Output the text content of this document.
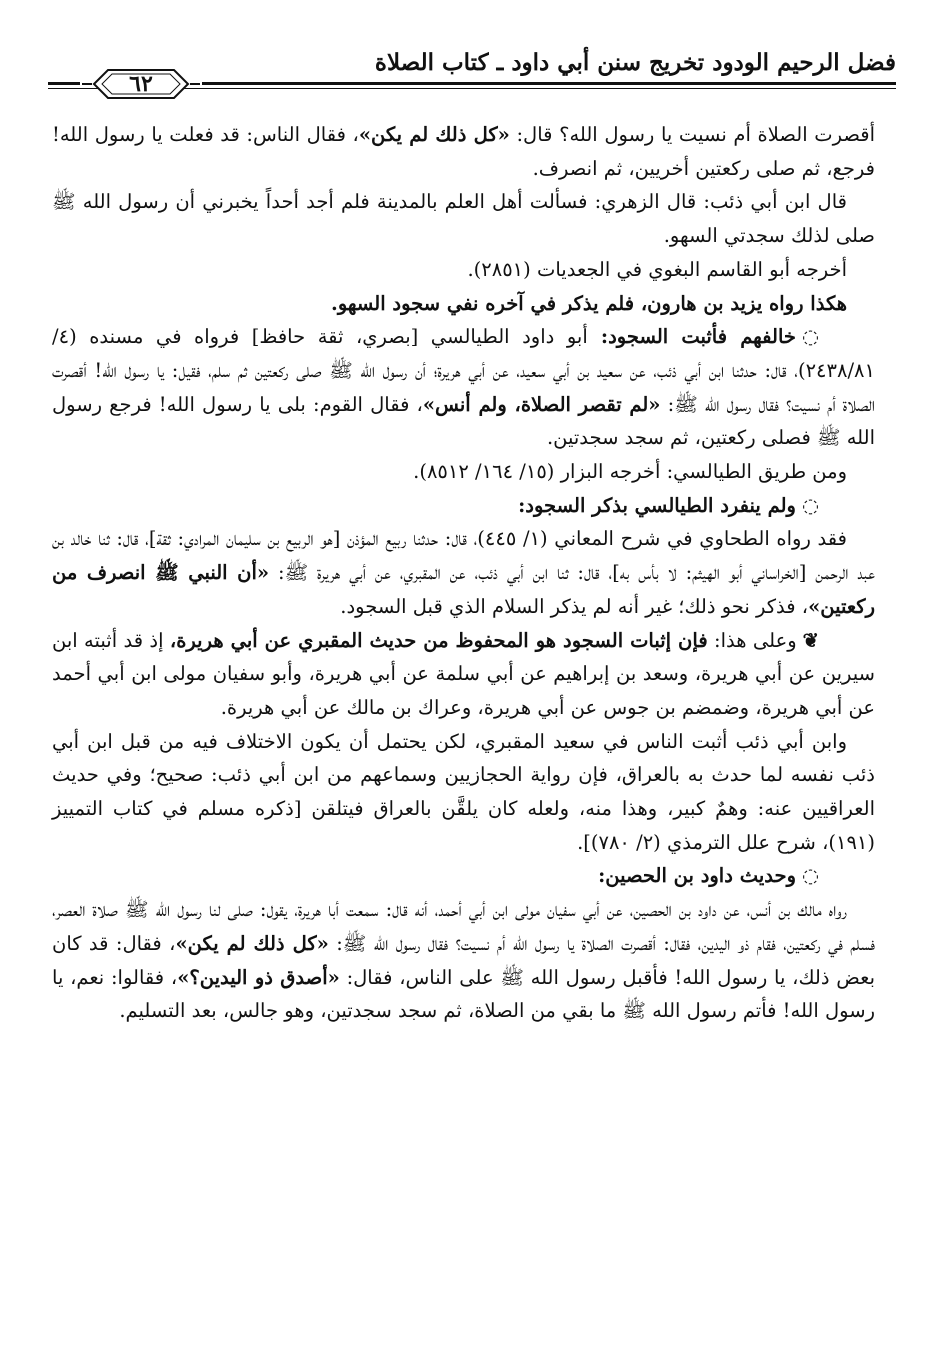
فضل الرحيم الودود تخريج سنن أبي داود ـ كتاب الصلاة
٦٢

أقصرت الصلاة أم نسيت يا رسول الله؟ قال: «كل ذلك لم يكن»، فقال الناس: قد فعلت يا رسول الله! فرجع، ثم صلى ركعتين أخريين، ثم انصرف.

قال ابن أبي ذئب: قال الزهري: فسألت أهل العلم بالمدينة فلم أجد أحداً يخبرني أن رسول الله ﷺ صلى لذلك سجدتي السهو.

أخرجه أبو القاسم البغوي في الجعديات (٢٨٥١).

هكذا رواه يزيد بن هارون، فلم يذكر في آخره نفي سجود السهو.

◌خالفهم فأثبت السجود: أبو داود الطيالسي [بصري، ثقة حافظ] فرواه في مسنده (٤/ ٢٤٣٨/٨١)، قال: حدثنا ابن أبي ذئب، عن سعيد بن أبي سعيد، عن أبي هريرة؛ أن رسول الله ﷺ صلى ركعتين ثم سلم، فقيل: يا رسول الله! أقصرت الصلاة أم نسيت؟ فقال رسول الله ﷺ: «لم تقصر الصلاة، ولم أنس»، فقال القوم: بلى يا رسول الله! فرجع رسول الله ﷺ فصلى ركعتين، ثم سجد سجدتين.

ومن طريق الطيالسي: أخرجه البزار (١٥/ ١٦٤/ ٨٥١٢).

◌ولم ينفرد الطيالسي بذكر السجود:

فقد رواه الطحاوي في شرح المعاني (١/ ٤٤٥)، قال: حدثنا ربيع المؤذن [هو الربيع بن سليمان المرادي: ثقة]، قال: ثنا خالد بن عبد الرحمن [الخراساني أبو الهيثم: لا بأس به]، قال: ثنا ابن أبي ذئب، عن المقبري، عن أبي هريرة ﷺ: «أن النبي ﷺ انصرف من ركعتين»، فذكر نحو ذلك؛ غير أنه لم يذكر السلام الذي قبل السجود.

❦وعلى هذا: فإن إثبات السجود هو المحفوظ من حديث المقبري عن أبي هريرة، إذ قد أثبته ابن سيرين عن أبي هريرة، وسعد بن إبراهيم عن أبي سلمة عن أبي هريرة، وأبو سفيان مولى ابن أبي أحمد عن أبي هريرة، وضمضم بن جوس عن أبي هريرة، وعراك بن مالك عن أبي هريرة.

وابن أبي ذئب أثبت الناس في سعيد المقبري، لكن يحتمل أن يكون الاختلاف فيه من قبل ابن أبي ذئب نفسه لما حدث به بالعراق، فإن رواية الحجازيين وسماعهم من ابن أبي ذئب: صحيح؛ وفي حديث العراقيين عنه: وهمٌ كبير، وهذا منه، ولعله كان يلقَّن بالعراق فيتلقن [ذكره مسلم في كتاب التمييز (١٩١)، شرح علل الترمذي (٢/ ٧٨٠)].

◌وحديث داود بن الحصين:

رواه مالك بن أنس، عن داود بن الحصين، عن أبي سفيان مولى ابن أبي أحمد، أنه قال: سمعت أبا هريرة، يقول: صلى لنا رسول الله ﷺ صلاة العصر، فسلم في ركعتين، فقام ذو اليدين، فقال: أقصرت الصلاة يا رسول الله أم نسيت؟ فقال رسول الله ﷺ: «كل ذلك لم يكن»، فقال: قد كان بعض ذلك، يا رسول الله! فأقبل رسول الله ﷺ على الناس، فقال: «أصدق ذو اليدين؟»، فقالوا: نعم، يا رسول الله! فأتم رسول الله ﷺ ما بقي من الصلاة، ثم سجد سجدتين، وهو جالس، بعد التسليم.
